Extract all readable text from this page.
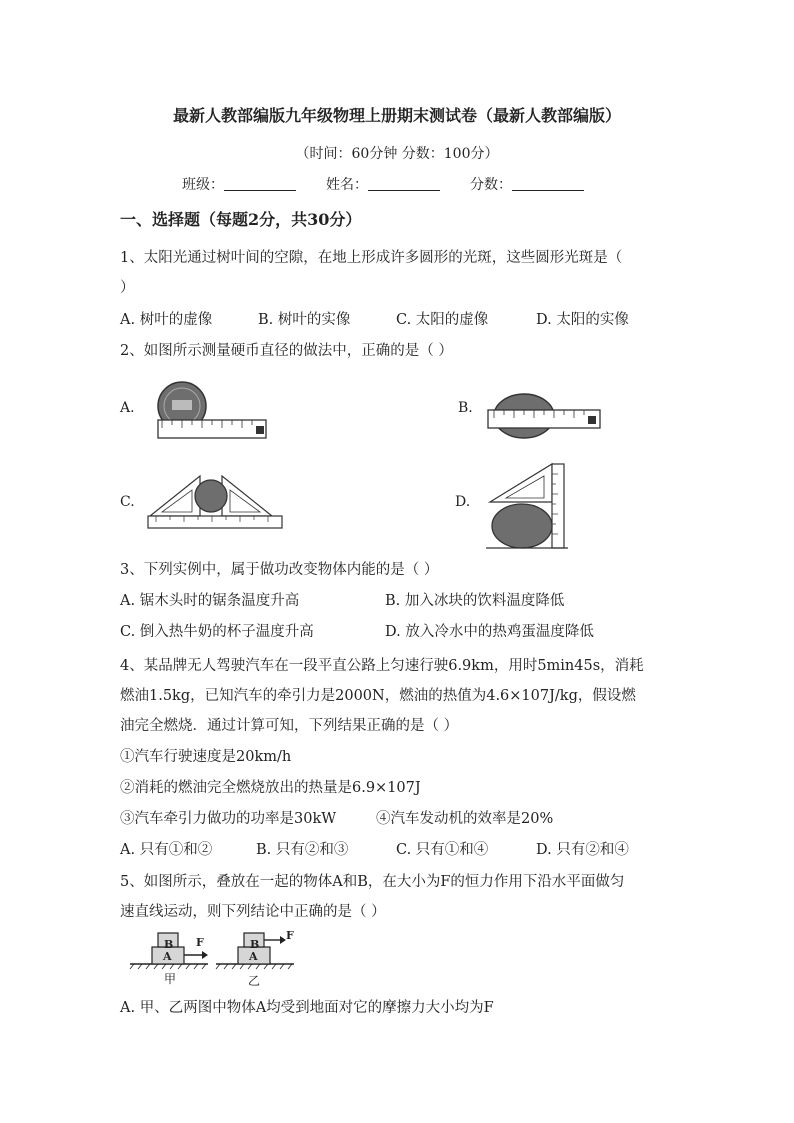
最新人教部编版九年级物理上册期末测试卷（最新人教部编版）
（时间：60分钟 分数：100分）
班级：	姓名：	分数：
一、选择题（每题2分，共30分）
1、太阳光通过树叶间的空隙，在地上形成许多圆形的光斑，这些圆形光斑是（
）
A. 树叶的虚像	B. 树叶的实像	C. 太阳的虚像	D. 太阳的实像
2、如图所示测量硬币直径的做法中，正确的是（ ）
A.	B.
C.	D.
3、下列实例中，属于做功改变物体内能的是（ ）
A. 锯木头时的锯条温度升高	B. 加入冰块的饮料温度降低
C. 倒入热牛奶的杯子温度升高	D. 放入冷水中的热鸡蛋温度降低
4、某品牌无人驾驶汽车在一段平直公路上匀速行驶6.9km，用时5min45s，消耗
燃油1.5kg，已知汽车的牵引力是2000N，燃油的热值为4.6×107J/kg，假设燃
油完全燃烧．通过计算可知，下列结果正确的是（ ）
①汽车行驶速度是20km/h
②消耗的燃油完全燃烧放出的热量是6.9×107J
③汽车牵引力做功的功率是30kW	④汽车发动机的效率是20%
A. 只有①和②	B. 只有②和③	C. 只有①和④	D. 只有②和④
5、如图所示，叠放在一起的物体A和B，在大小为F的恒力作用下沿水平面做匀
速直线运动，则下列结论中正确的是（ ）
B
A
F	B
A
F
甲	乙
A. 甲、乙两图中物体A均受到地面对它的摩擦力大小均为F
